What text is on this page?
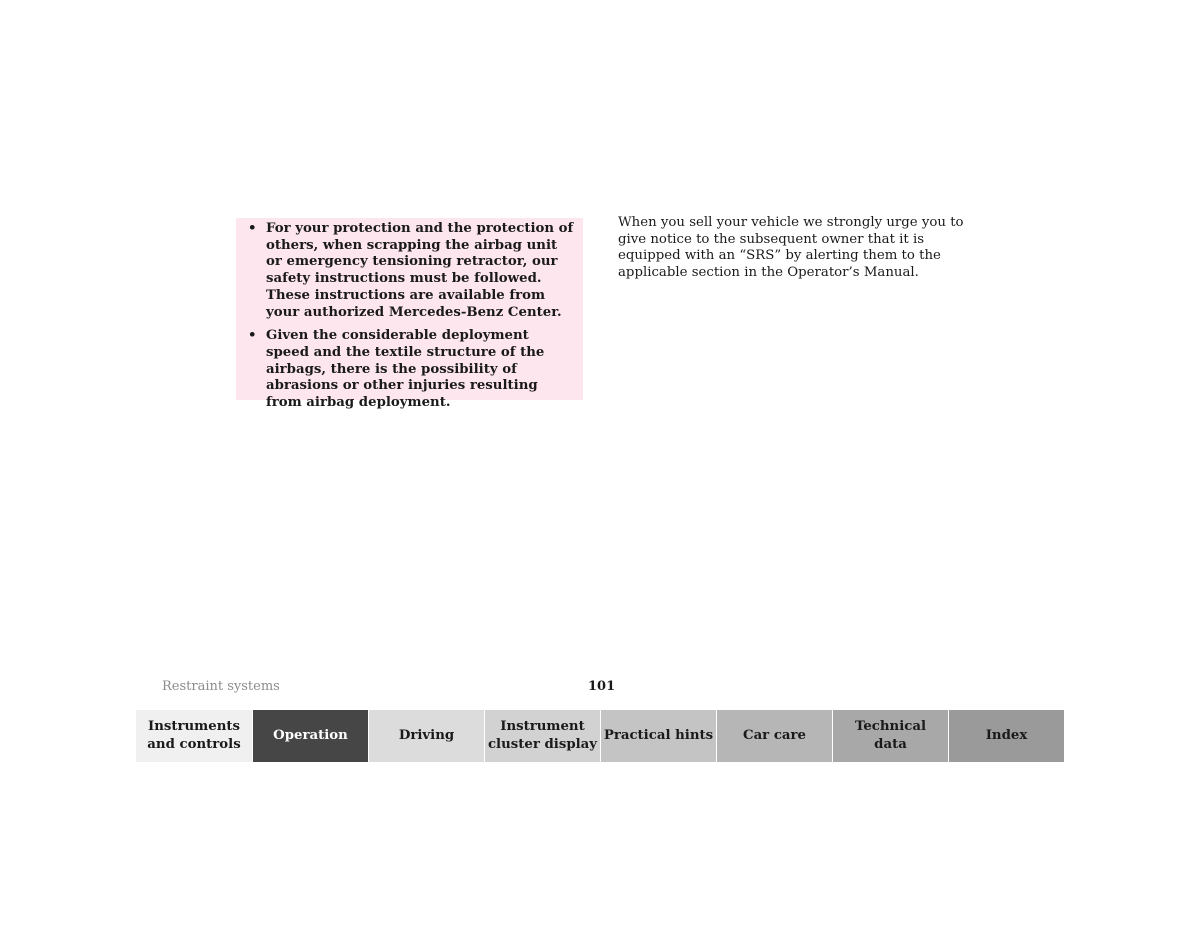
• For your protection and the protection of others, when scrapping the airbag unit or emergency tensioning retractor, our safety instructions must be followed. These instructions are available from your authorized Mercedes-Benz Center.
• Given the considerable deployment speed and the textile structure of the airbags, there is the possibility of abrasions or other injuries resulting from airbag deployment.

When you sell your vehicle we strongly urge you to give notice to the subsequent owner that it is equipped with an “SRS” by alerting them to the applicable section in the Operator’s Manual.

Restraint systems	101
Instruments
and controls
Operation	Driving
Instrument
cluster display
Practical hints	Car care
Technical
data
Index
